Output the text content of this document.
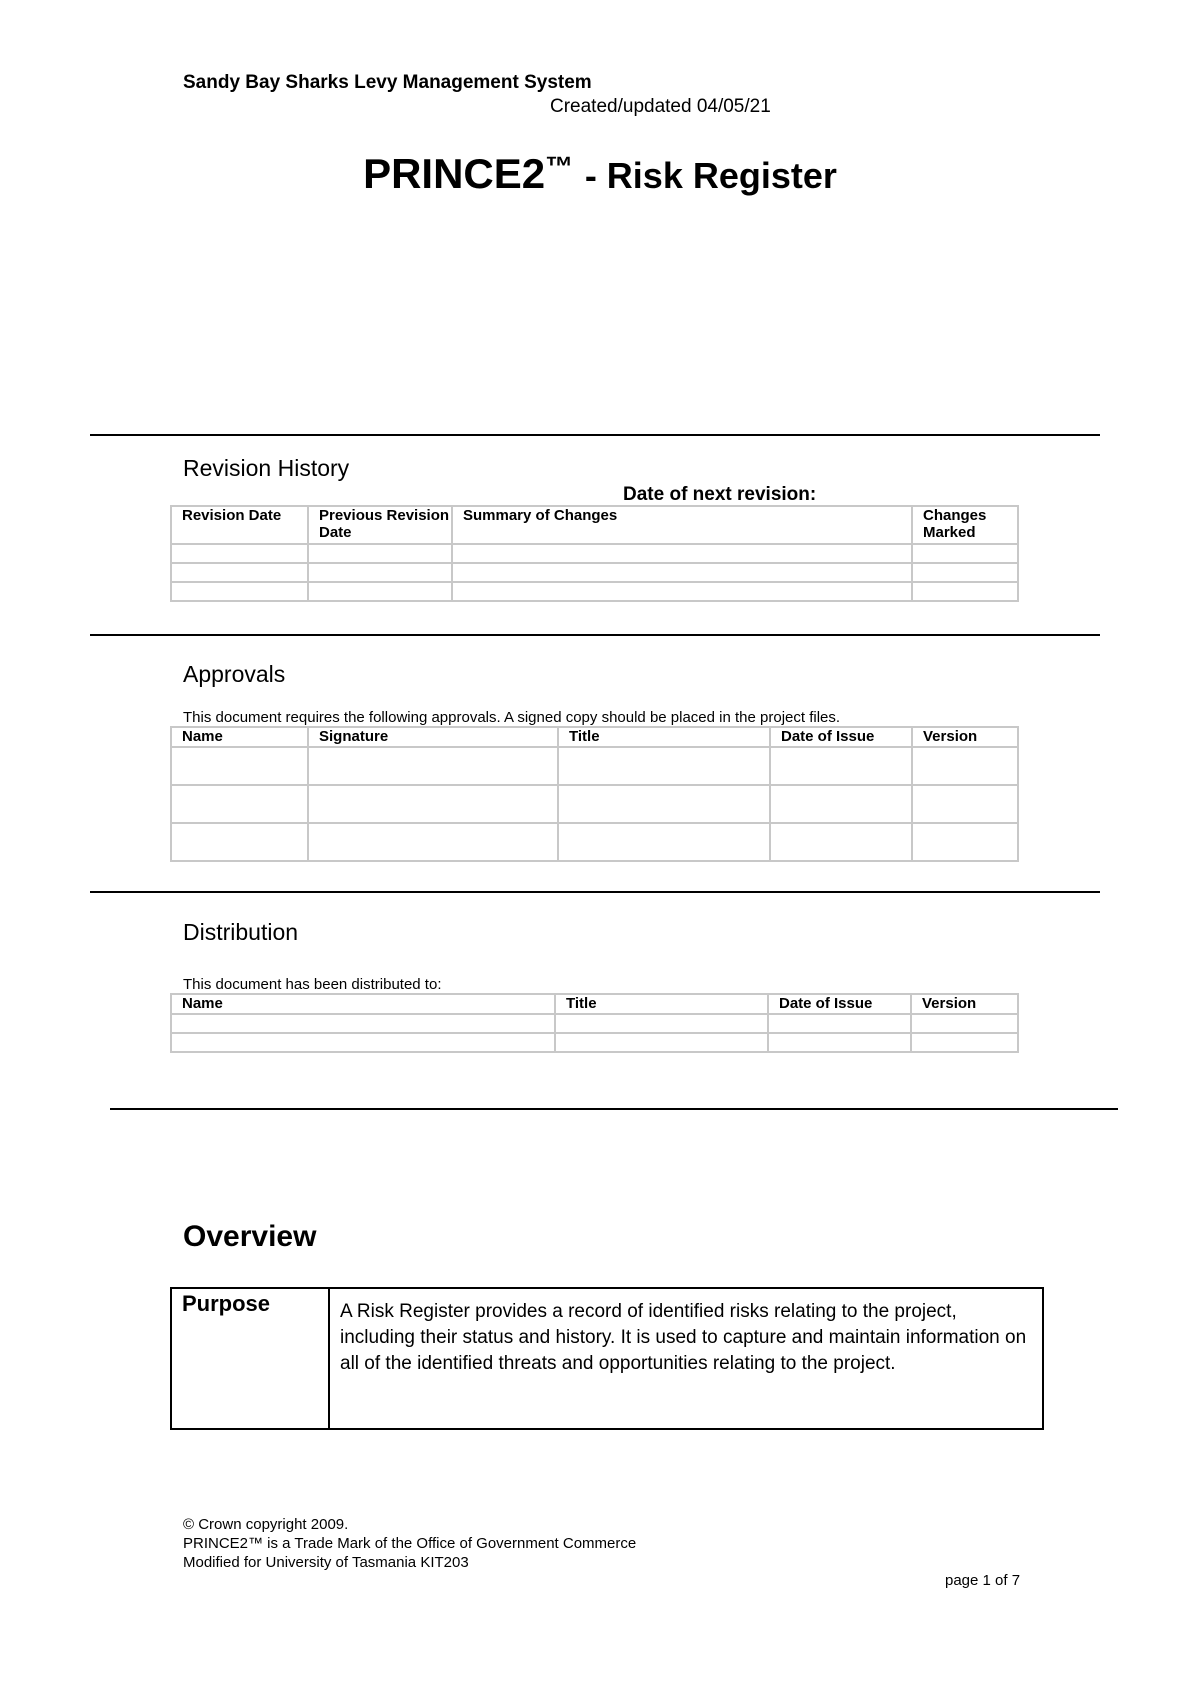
Sandy Bay Sharks Levy Management System
Created/updated 04/05/21
PRINCE2™ - Risk Register
Revision History
Date of next revision:
Revision Date	Previous Revision Date	Summary of Changes	Changes Marked

Approvals
This document requires the following approvals. A signed copy should be placed in the project files.
Name	Signature	Title	Date of Issue	Version

Distribution
This document has been distributed to:
Name	Title	Date of Issue	Version

Overview
Purpose	A Risk Register provides a record of identified risks relating to the project, including their status and history. It is used to capture and maintain information on all of the identified threats and opportunities relating to the project.
© Crown copyright 2009.
PRINCE2™ is a Trade Mark of the Office of Government Commerce
Modified for University of Tasmania KIT203
page 1 of 7
